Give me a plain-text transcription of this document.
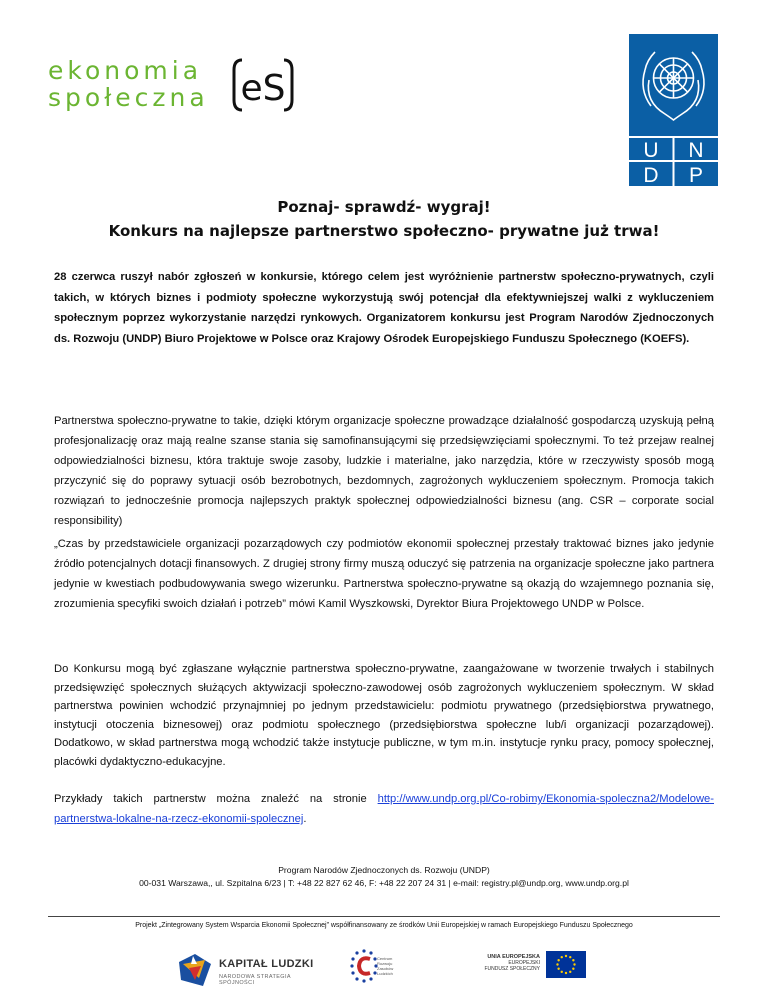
ekonomia
społeczna eS
U N
D P
Poznaj- sprawdź- wygraj!
Konkurs na najlepsze partnerstwo społeczno- prywatne już trwa!
28 czerwca ruszył nabór zgłoszeń w konkursie, którego celem jest wyróżnienie partnerstw społeczno-prywatnych, czyli takich, w których biznes i podmioty społeczne wykorzystują swój potencjał dla efektywniejszej walki z wykluczeniem społecznym poprzez wykorzystanie narzędzi rynkowych. Organizatorem konkursu jest Program Narodów Zjednoczonych ds. Rozwoju (UNDP) Biuro Projektowe w Polsce oraz Krajowy Ośrodek Europejskiego Funduszu Społecznego (KOEFS).
Partnerstwa społeczno-prywatne to takie, dzięki którym organizacje społeczne prowadzące działalność gospodarczą uzyskują pełną profesjonalizację oraz mają realne szanse stania się samofinansującymi się przedsięwzięciami społecznymi. To też przejaw realnej odpowiedzialności biznesu, która traktuje swoje zasoby, ludzkie i materialne, jako narzędzia, które w rzeczywisty sposób mogą przyczynić się do poprawy sytuacji osób bezrobotnych, bezdomnych, zagrożonych wykluczeniem społecznym. Promocja takich rozwiązań to jednocześnie promocja najlepszych praktyk społecznej odpowiedzialności biznesu (ang. CSR – corporate social responsibility)
„Czas by przedstawiciele organizacji pozarządowych czy podmiotów ekonomii społecznej przestały traktować biznes jako jedynie źródło potencjalnych dotacji finansowych. Z drugiej strony firmy muszą oduczyć się patrzenia na organizacje społeczne jako partnera jedynie w kwestiach podbudowywania swego wizerunku. Partnerstwa społeczno-prywatne są okazją do wzajemnego poznania się, zrozumienia specyfiki swoich działań i potrzeb” mówi Kamil Wyszkowski, Dyrektor Biura Projektowego UNDP w Polsce.
Do Konkursu mogą być zgłaszane wyłącznie partnerstwa społeczno-prywatne, zaangażowane w tworzenie trwałych i stabilnych przedsięwzięć społecznych służących aktywizacji społeczno-zawodowej osób zagrożonych wykluczeniem społecznym. W skład partnerstwa powinien wchodzić przynajmniej po jednym przedstawicielu: podmiotu prywatnego (przedsiębiorstwa prywatnego, instytucji otoczenia biznesowej) oraz podmiotu społecznego (przedsiębiorstwa społeczne lub/i organizacji pozarządowej). Dodatkowo, w skład partnerstwa mogą wchodzić także instytucje publiczne, w tym m.in. instytucje rynku pracy, pomocy społecznej, placówki dydaktyczno-edukacyjne.
Przykłady takich partnerstw można znaleźć na stronie http://www.undp.org.pl/Co-robimy/Ekonomia-spoleczna2/Modelowe-partnerstwa-lokalne-na-rzecz-ekonomii-spolecznej.
Program Narodów Zjednoczonych ds. Rozwoju (UNDP)
00-031 Warszawa,, ul. Szpitalna 6/23 | T: +48 22 827 62 46, F: +48 22 207 24 31 | e-mail: registry.pl@undp.org, www.undp.org.pl
Projekt „Zintegrowany System Wsparcia Ekonomii Społecznej” współfinansowany ze środków Unii Europejskiej w ramach Europejskiego Funduszu Społecznego
KAPITAŁ LUDZKI
NARODOWA STRATEGIA SPÓJNOŚCI
Centrum
Rozwoju
Zasobów
Ludzkich
UNIA EUROPEJSKA
EUROPEJSKI
FUNDUSZ SPOŁECZNY
